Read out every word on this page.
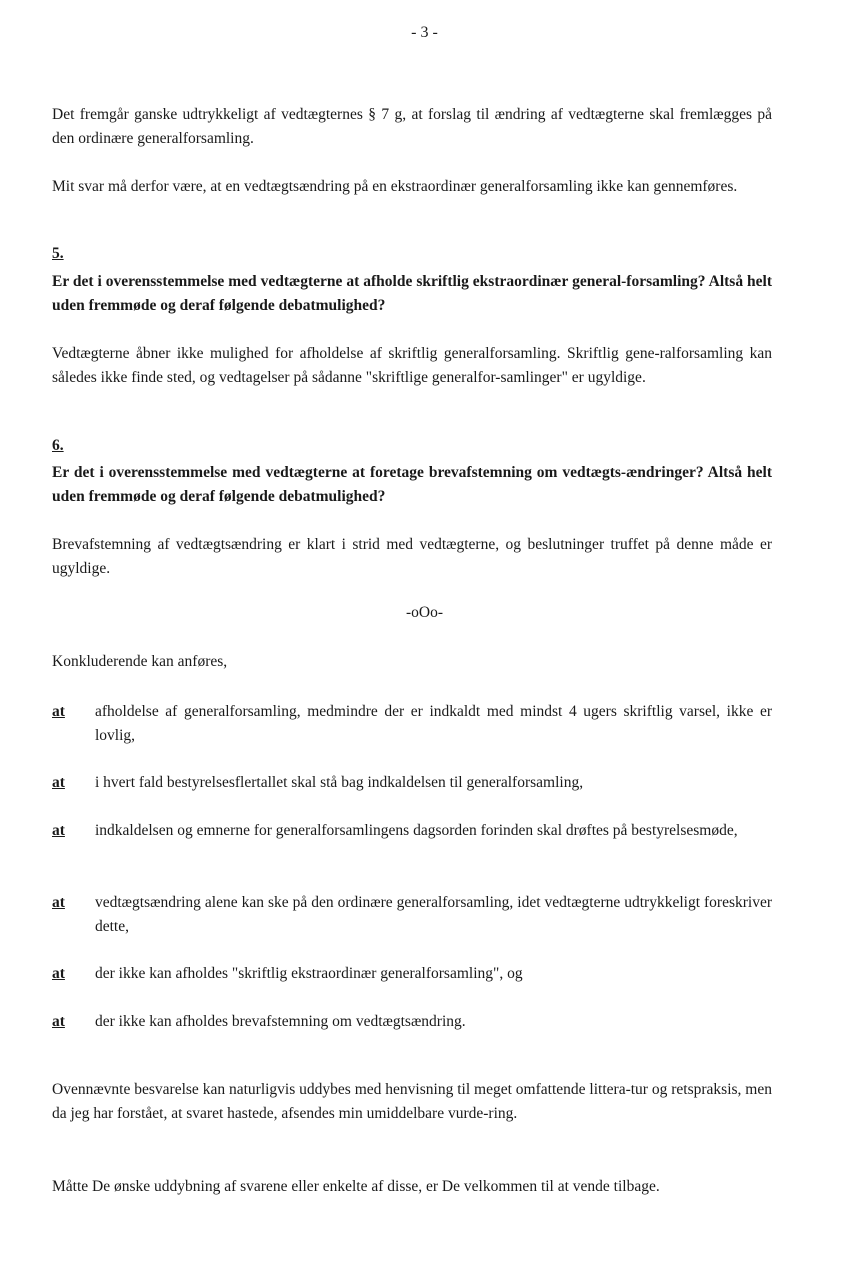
- 3 -

Det fremgår ganske udtrykkeligt af vedtægternes § 7 g, at forslag til ændring af vedtægterne skal fremlægges på den ordinære generalforsamling.

Mit svar må derfor være, at en vedtægtsændring på en ekstraordinær generalforsamling ikke kan gennemføres.

5.

Er det i overensstemmelse med vedtægterne at afholde skriftlig ekstraordinær general-forsamling? Altså helt uden fremmøde og deraf følgende debatmulighed?

Vedtægterne åbner ikke mulighed for afholdelse af skriftlig generalforsamling. Skriftlig gene-ralforsamling kan således ikke finde sted, og vedtagelser på sådanne "skriftlige generalfor-samlinger" er ugyldige.

6.

Er det i overensstemmelse med vedtægterne at foretage brevafstemning om vedtægts-ændringer? Altså helt uden fremmøde og deraf følgende debatmulighed?

Brevafstemning af vedtægtsændring er klart i strid med vedtægterne, og beslutninger truffet på denne måde er ugyldige.

-oOo-

Konkluderende kan anføres,

at afholdelse af generalforsamling, medmindre der er indkaldt med mindst 4 ugers skriftlig varsel, ikke er lovlig,
at i hvert fald bestyrelsesflertallet skal stå bag indkaldelsen til generalforsamling,
at indkaldelsen og emnerne for generalforsamlingens dagsorden forinden skal drøftes på bestyrelsesmøde,
at vedtægtsændring alene kan ske på den ordinære generalforsamling, idet vedtægterne udtrykkeligt foreskriver dette,
at der ikke kan afholdes "skriftlig ekstraordinær generalforsamling", og
at der ikke kan afholdes brevafstemning om vedtægtsændring.

Ovennævnte besvarelse kan naturligvis uddybes med henvisning til meget omfattende littera-tur og retspraksis, men da jeg har forstået, at svaret hastede, afsendes min umiddelbare vurde-ring.

Måtte De ønske uddybning af svarene eller enkelte af disse, er De velkommen til at vende tilbage.
